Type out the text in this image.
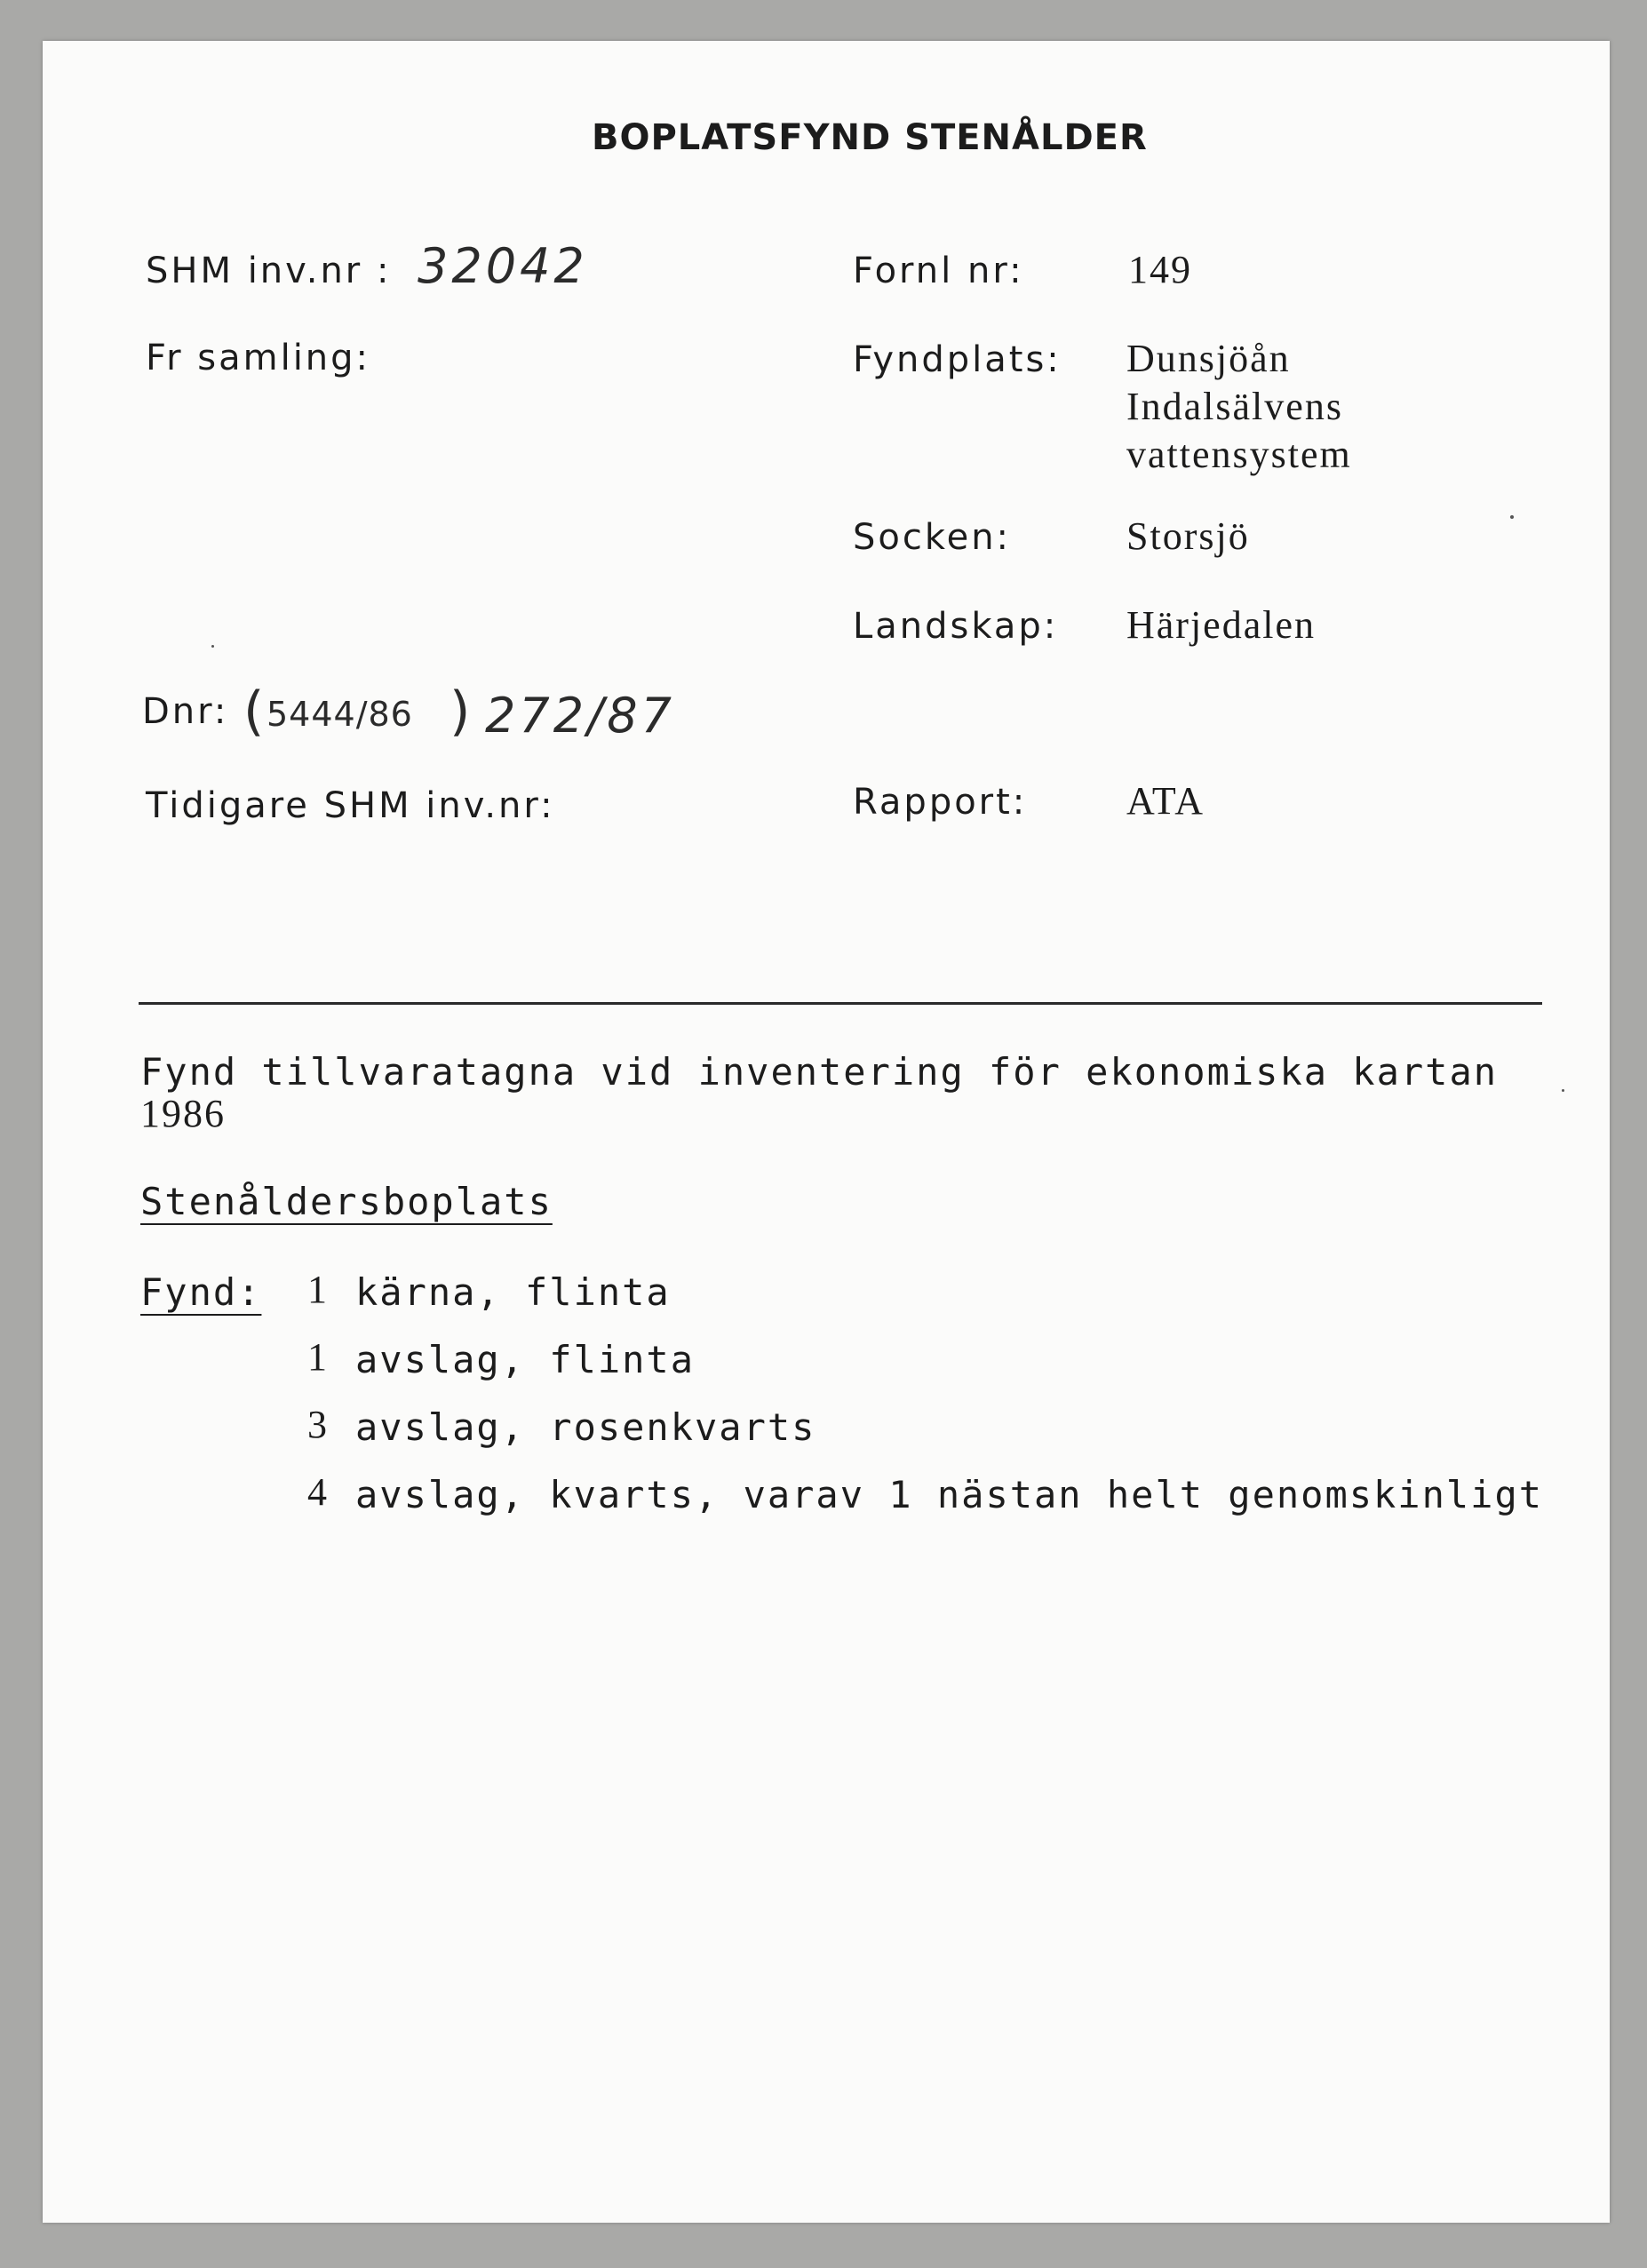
BOPLATSFYND STENÅLDER
SHM inv.nr : 32042
Fr samling:
Dnr: ( 5444/86 ) 272/87
Tidigare SHM inv.nr:
Fornl nr:	149
Fyndplats: Dunsjöån
Indalsälvens
vattensystem
Socken:	Storsjö
Landskap: Härjedalen
Rapport:	ATA
Fynd tillvaratagna vid inventering för ekonomiska kartan
1986
Stenåldersboplats
Fynd: 1 kärna, flinta
1 avslag, flinta
3 avslag, rosenkvarts
4 avslag, kvarts, varav 1 nästan helt genomskinligt
